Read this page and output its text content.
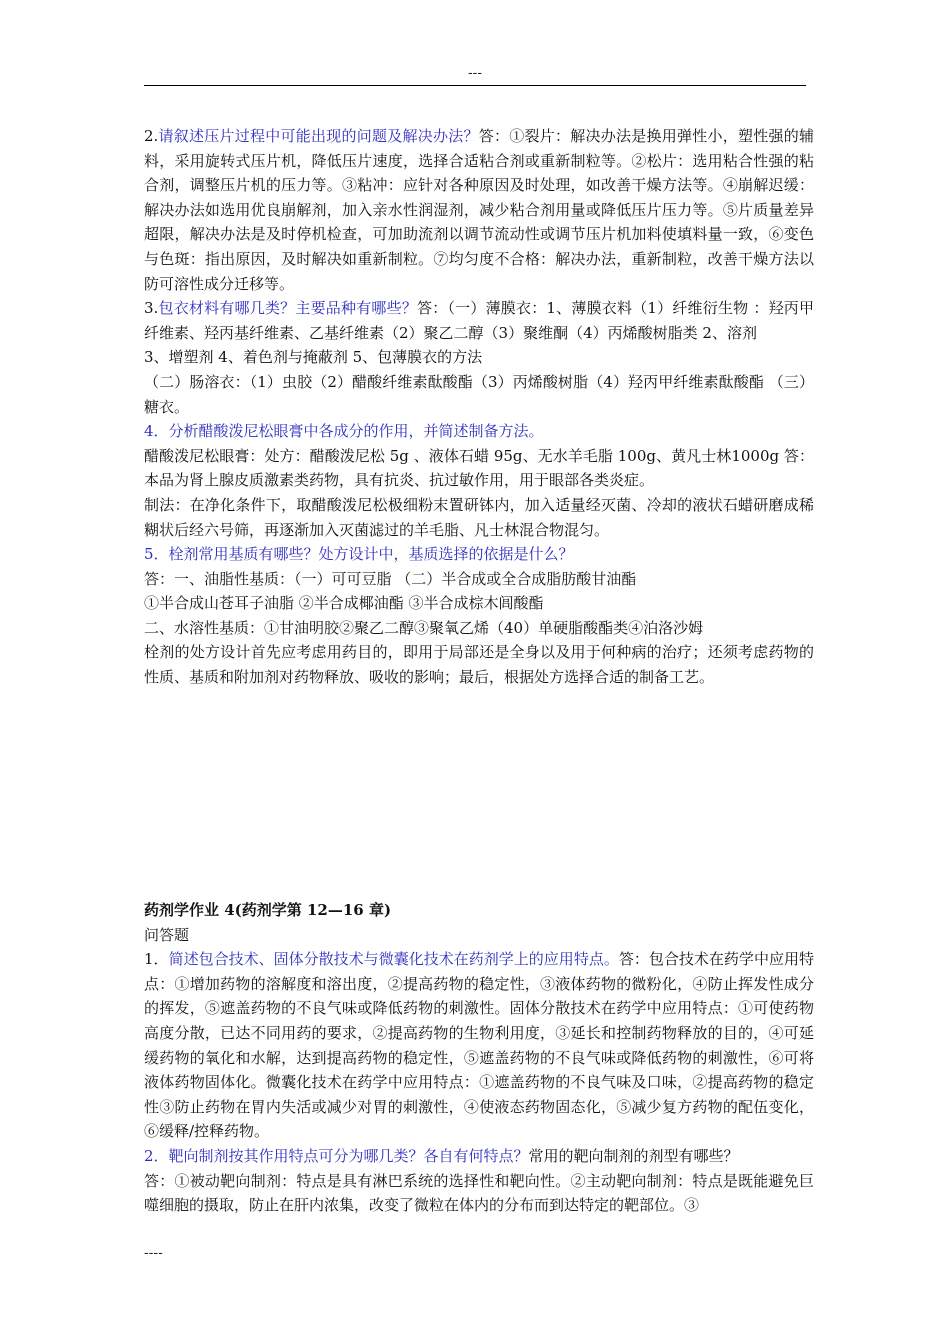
---

2.请叙述压片过程中可能出现的问题及解决办法？答：①裂片：解决办法是换用弹性小，塑性强的辅料，采用旋转式压片机，降低压片速度，选择合适粘合剂或重新制粒等。②松片：选用粘合性强的粘合剂，调整压片机的压力等。③粘冲：应针对各种原因及时处理，如改善干燥方法等。④崩解迟缓：解决办法如选用优良崩解剂，加入亲水性润湿剂，减少粘合剂用量或降低压片压力等。⑤片质量差异超限，解决办法是及时停机检查，可加助流剂以调节流动性或调节压片机加料使填料量一致，⑥变色与色斑：指出原因，及时解决如重新制粒。⑦均匀度不合格：解决办法，重新制粒，改善干燥方法以防可溶性成分迁移等。

3.包衣材料有哪几类？主要品种有哪些？答：（一）薄膜衣：1、薄膜衣料（1）纤维衍生物 ：羟丙甲纤维素、羟丙基纤维素、乙基纤维素（2）聚乙二醇（3）聚维酮（4）丙烯酸树脂类 2、溶剂
3、增塑剂 4、着色剂与掩蔽剂 5、包薄膜衣的方法
（二）肠溶衣：（1）虫胶（2）醋酸纤维素酞酸酯（3）丙烯酸树脂（4）羟丙甲纤维素酞酸酯 （三）糖衣。

4．分析醋酸泼尼松眼膏中各成分的作用，并简述制备方法。
醋酸泼尼松眼膏：处方：醋酸泼尼松 5g 、液体石蜡 95g、无水羊毛脂 100g、黄凡士林1000g 答：本品为肾上腺皮质激素类药物，具有抗炎、抗过敏作用，用于眼部各类炎症。
制法：在净化条件下，取醋酸泼尼松极细粉末置研钵内，加入适量经灭菌、冷却的液状石蜡研磨成稀糊状后经六号筛，再逐渐加入灭菌滤过的羊毛脂、凡士林混合物混匀。

5．栓剂常用基质有哪些？处方设计中，基质选择的依据是什么？
答：一、油脂性基质：（一）可可豆脂 （二）半合成或全合成脂肪酸甘油酯
①半合成山苍耳子油脂 ②半合成椰油酯 ③半合成棕木闾酸酯
二、水溶性基质：①甘油明胶②聚乙二醇③聚氧乙烯（40）单硬脂酸酯类④泊洛沙姆
栓剂的处方设计首先应考虑用药目的，即用于局部还是全身以及用于何种病的治疗；还须考虑药物的性质、基质和附加剂对药物释放、吸收的影响；最后，根据处方选择合适的制备工艺。

药剂学作业 4(药剂学第 12—16 章)

问答题

1．简述包合技术、固体分散技术与微囊化技术在药剂学上的应用特点。答：包合技术在药学中应用特点：①增加药物的溶解度和溶出度，②提高药物的稳定性，③液体药物的微粉化，④防止挥发性成分的挥发，⑤遮盖药物的不良气味或降低药物的刺激性。固体分散技术在药学中应用特点：①可使药物高度分散，已达不同用药的要求，②提高药物的生物利用度，③延长和控制药物释放的目的，④可延缓药物的氧化和水解，达到提高药物的稳定性，⑤遮盖药物的不良气味或降低药物的刺激性，⑥可将液体药物固体化。微囊化技术在药学中应用特点：①遮盖药物的不良气味及口味，②提高药物的稳定性③防止药物在胃内失活或减少对胃的刺激性，④使液态药物固态化，⑤减少复方药物的配伍变化，⑥缓释/控释药物。

2．靶向制剂按其作用特点可分为哪几类？各自有何特点？常用的靶向制剂的剂型有哪些？
答：①被动靶向制剂：特点是具有淋巴系统的选择性和靶向性。②主动靶向制剂：特点是既能避免巨噬细胞的摄取，防止在肝内浓集，改变了微粒在体内的分布而到达特定的靶部位。③

----
